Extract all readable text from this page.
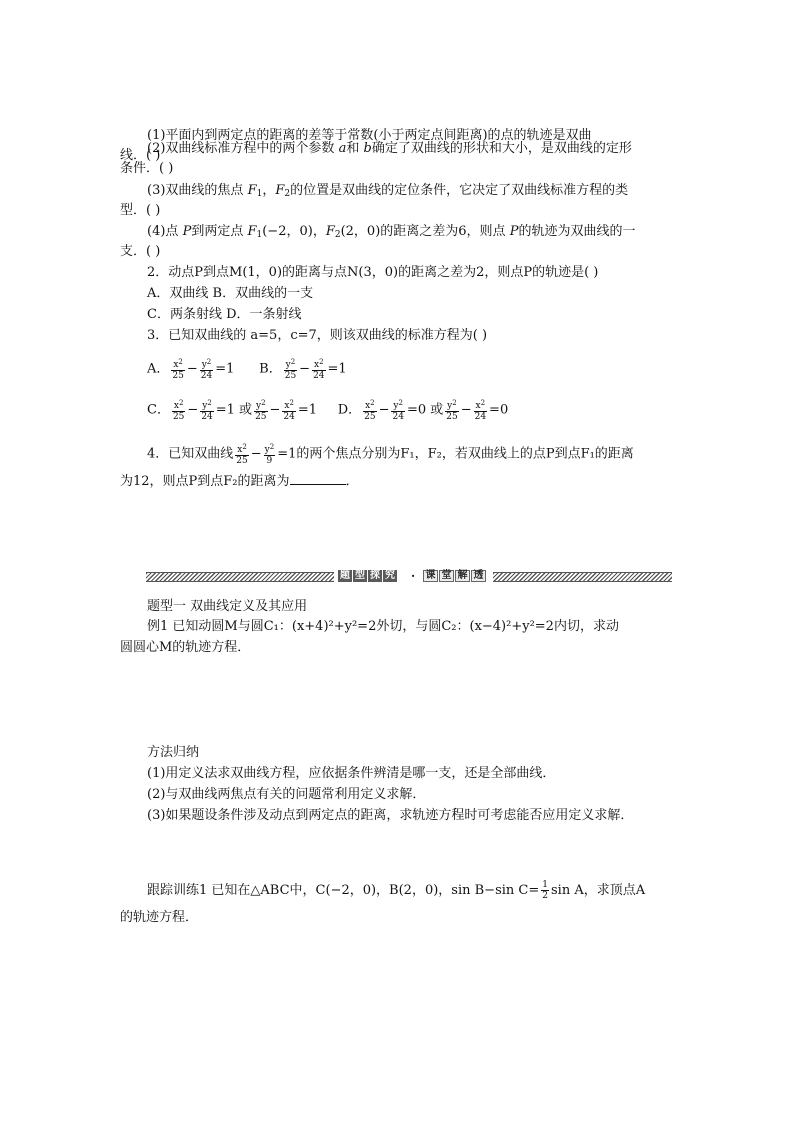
(1)平面内到两定点的距离的差等于常数(小于两定点间距离)的点的轨迹是双曲
线．( )
(2)双曲线标准方程中的两个参数 a和 b确定了双曲线的形状和大小，是双曲线的定形
条件．( )
(3)双曲线的焦点 $F_1$，$F_2$的位置是双曲线的定位条件，它决定了双曲线标准方程的类
型．( )
(4)点 P到两定点 $F_1(-2$，0)，$F_2(2$，0)的距离之差为6，则点 P的轨迹为双曲线的一
支．( )
2．动点P到点M(1，0)的距离与点N(3，0)的距离之差为2，则点P的轨迹是( )
A．双曲线 B．双曲线的一支
C．两条射线 D．一条射线
3．已知双曲线的 a=5，c=7，则该双曲线的标准方程为( )
A． $\frac{x^2}{25} - \frac{y^2}{24} =1$      B． $\frac{y^2}{25} - \frac{x^2}{24} =1$
C． $\frac{x^2}{25} - \frac{y^2}{24} =1$ 或 $\frac{y^2}{25} - \frac{x^2}{24} =1$     D． $\frac{x^2}{25} - \frac{y^2}{24} =0$ 或 $\frac{y^2}{25} - \frac{x^2}{24} =0$
4．已知双曲线 $\frac{x^2}{25} - \frac{y^2}{9} =1$的两个焦点分别为F₁，F₂，若双曲线上的点P到点F₁的距离
为12，则点P到点F₂的距离为	．
题 型 探 究 · 课 堂 解 透
题型一 双曲线定义及其应用
例1 已知动圆M与圆C₁：(x+4)²+y²=2外切，与圆C₂：(x−4)²+y²=2内切，求动
圆圆心M的轨迹方程．
方法归纳
(1)用定义法求双曲线方程，应依据条件辨清是哪一支，还是全部曲线．
(2)与双曲线两焦点有关的问题常利用定义求解．
(3)如果题设条件涉及动点到两定点的距离，求轨迹方程时可考虑能否应用定义求解．
跟踪训练1 已知在△ABC中，C(−2，0)，B(2，0)，sin B−sin $C= \frac{1}{2}$ sin A，求顶点A
的轨迹方程．
